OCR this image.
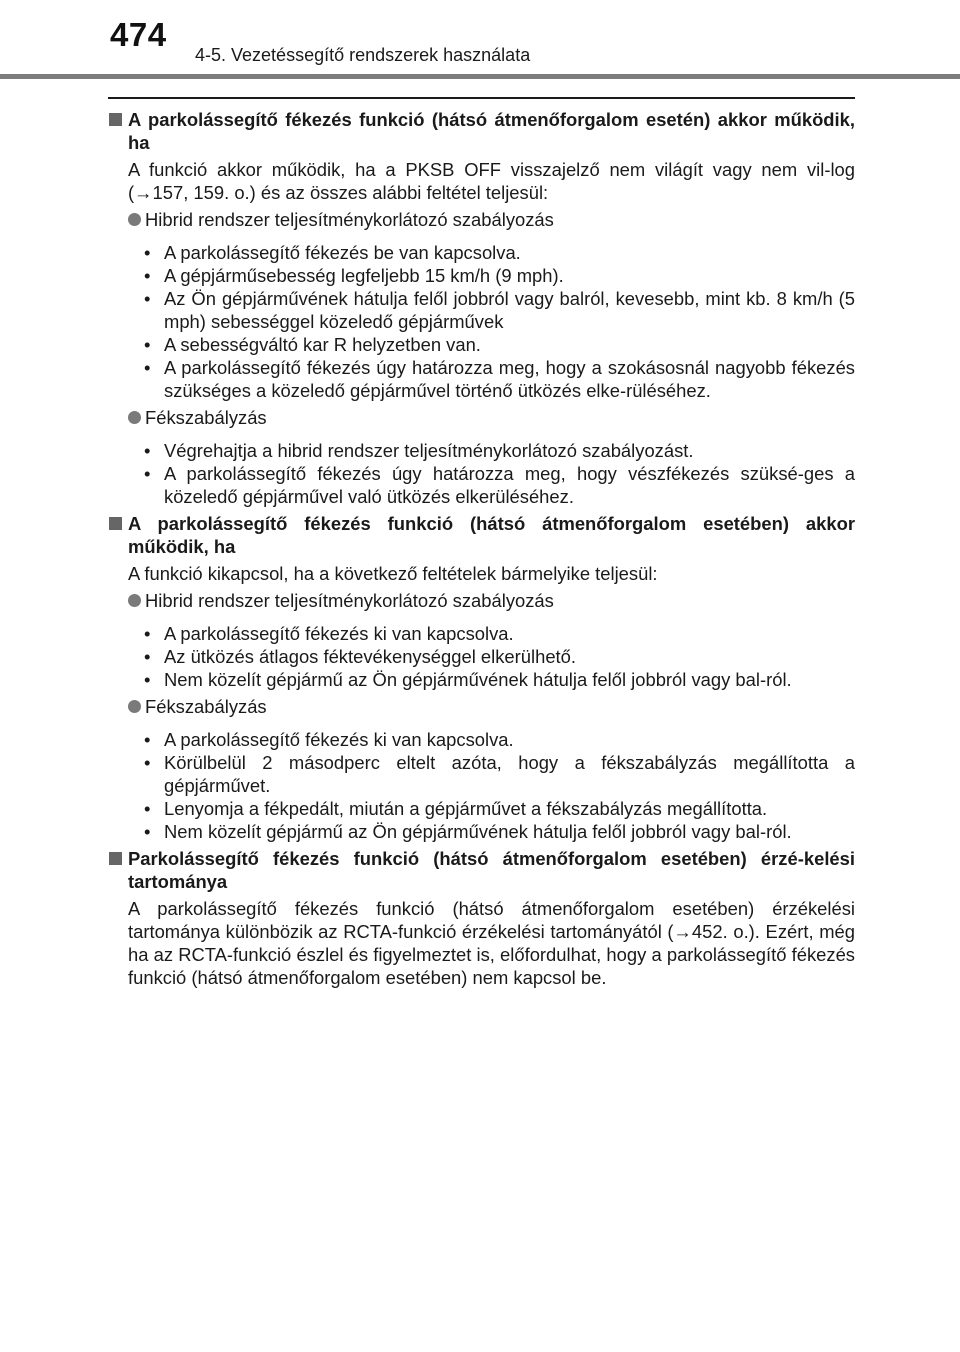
474
4-5. Vezetéssegítő rendszerek használata
A parkolássegítő fékezés funkció (hátsó átmenőforgalom esetén) akkor működik, ha
A funkció akkor működik, ha a PKSB OFF visszajelző nem világít vagy nem vil-log (→157, 159. o.) és az összes alábbi feltétel teljesül:
Hibrid rendszer teljesítménykorlátozó szabályozás
• A parkolássegítő fékezés be van kapcsolva.
• A gépjárműsebesség legfeljebb 15 km/h (9 mph).
• Az Ön gépjárművének hátulja felől jobbról vagy balról, kevesebb, mint kb. 8 km/h (5 mph) sebességgel közeledő gépjárművek
• A sebességváltó kar R helyzetben van.
• A parkolássegítő fékezés úgy határozza meg, hogy a szokásosnál nagyobb fékezés szükséges a közeledő gépjárművel történő ütközés elke-rüléséhez.
Fékszabályzás
• Végrehajtja a hibrid rendszer teljesítménykorlátozó szabályozást.
• A parkolássegítő fékezés úgy határozza meg, hogy vészfékezés szüksé-ges a közeledő gépjárművel való ütközés elkerüléséhez.
A parkolássegítő fékezés funkció (hátsó átmenőforgalom esetében) akkor működik, ha
A funkció kikapcsol, ha a következő feltételek bármelyike teljesül:
Hibrid rendszer teljesítménykorlátozó szabályozás
• A parkolássegítő fékezés ki van kapcsolva.
• Az ütközés átlagos féktevékenységgel elkerülhető.
• Nem közelít gépjármű az Ön gépjárművének hátulja felől jobbról vagy bal-ról.
Fékszabályzás
• A parkolássegítő fékezés ki van kapcsolva.
• Körülbelül 2 másodperc eltelt azóta, hogy a fékszabályzás megállította a gépjárművet.
• Lenyomja a fékpedált, miután a gépjárművet a fékszabályzás megállította.
• Nem közelít gépjármű az Ön gépjárművének hátulja felől jobbról vagy bal-ról.
Parkolássegítő fékezés funkció (hátsó átmenőforgalom esetében) érzé-kelési tartománya
A parkolássegítő fékezés funkció (hátsó átmenőforgalom esetében) érzékelési tartománya különbözik az RCTA-funkció érzékelési tartományától (→452. o.). Ezért, még ha az RCTA-funkció észlel és figyelmeztet is, előfordulhat, hogy a parkolássegítő fékezés funkció (hátsó átmenőforgalom esetében) nem kapcsol be.
